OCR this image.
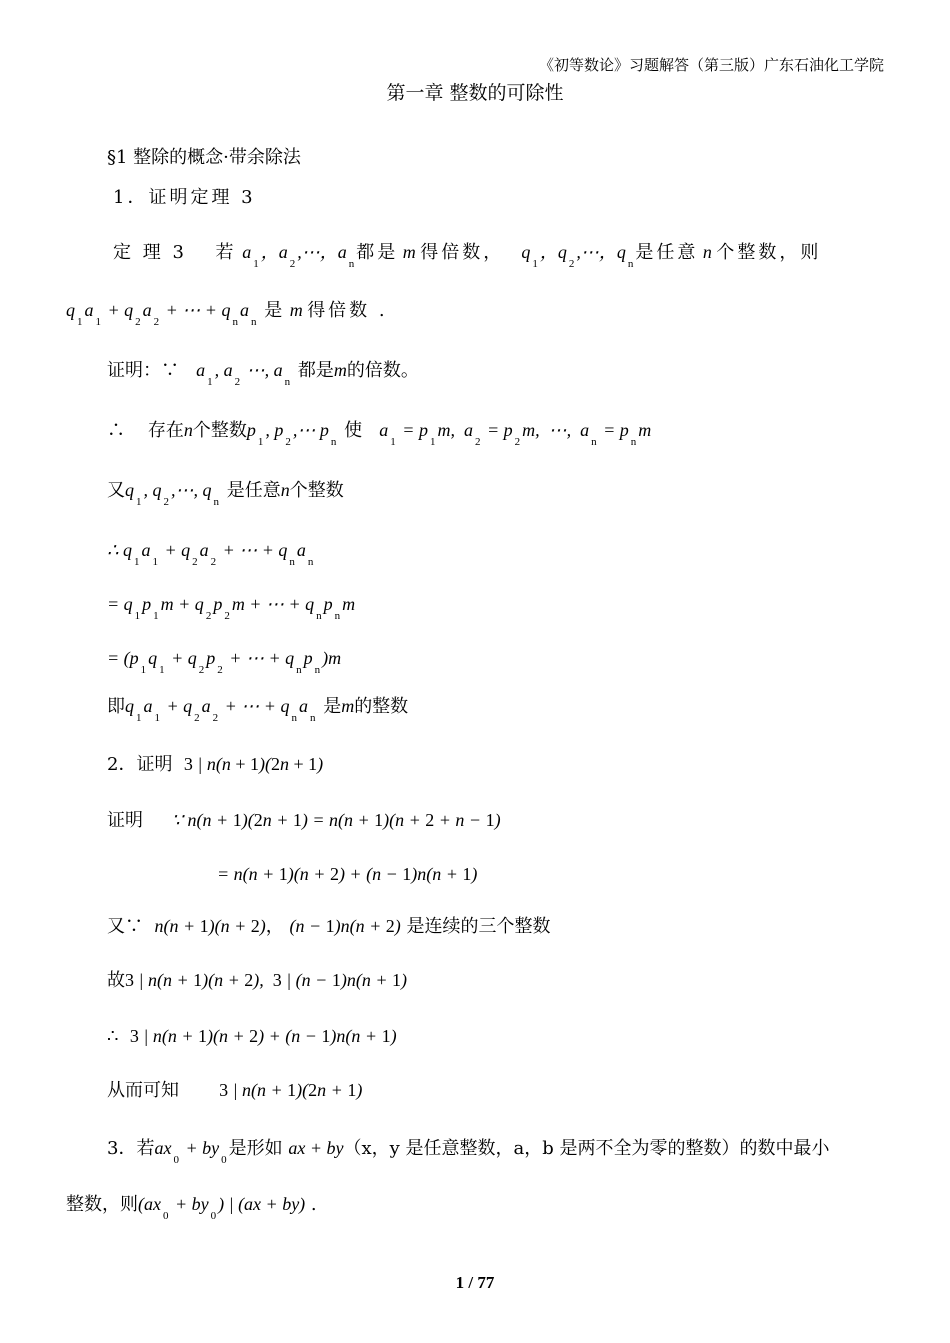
《初等数论》习题解答（第三版）广东石油化工学院
第一章 整数的可除性
§1 整除的概念·带余除法
1．证明定理 3
定 理 3 若 $a_1$，$a_2,\cdots$，$a_n$都是 m 得倍数， $q_1$，$q_2,\cdots$，$q_n$是任意 n 个整数，则
$q_1a_1 + q_2a_2$ + ⋯ + $q_na_n$ 是 m 得倍数 .
证明：∵ $a_1$, $a_2$ ⋯, $a_n$ 都是m的倍数。
∴ 存在n个整数$p_1$, $p_2,\cdots$ $p_n$ 使 $a_1 = p_1m$,  $a_2 = p_2m$,  ⋯,  $a_n = p_nm$
又$q_1$, $q_2,\cdots$, $q_n$ 是任意n个整数
∴ $q_1a_1 + q_2a_2$ + ⋯ + $q_na_n$
= $q_1p_1m + q_2p_2m$ + ⋯ + $q_np_nm$
= ($p_1q_1 + q_2p_2$ + ⋯ + $q_np_n)m$
即$q_1a_1 + q_2a_2$ + ⋯ + $q_na_n$ 是m的整数
2．证明 3 | n(n + 1)(2n + 1)
证明 ∵ n(n + 1)(2n + 1) = n(n + 1)(n + 2 + n − 1)
= n(n + 1)(n + 2) + (n − 1)n(n + 1)
又∵ n(n + 1)(n + 2)， (n − 1)n(n + 2) 是连续的三个整数
故3 | n(n + 1)(n + 2),  3 | (n − 1)n(n + 1)
∴ 3 | n(n + 1)(n + 2) + (n − 1)n(n + 1)
从而可知 3 | n(n + 1)(2n + 1)
3．若$ax_0 + by_0$是形如 ax + by（x，y 是任意整数，a，b 是两不全为零的整数）的数中最小
整数，则$(ax_0 + by_0)$ | (ax + by) .
1 / 77
